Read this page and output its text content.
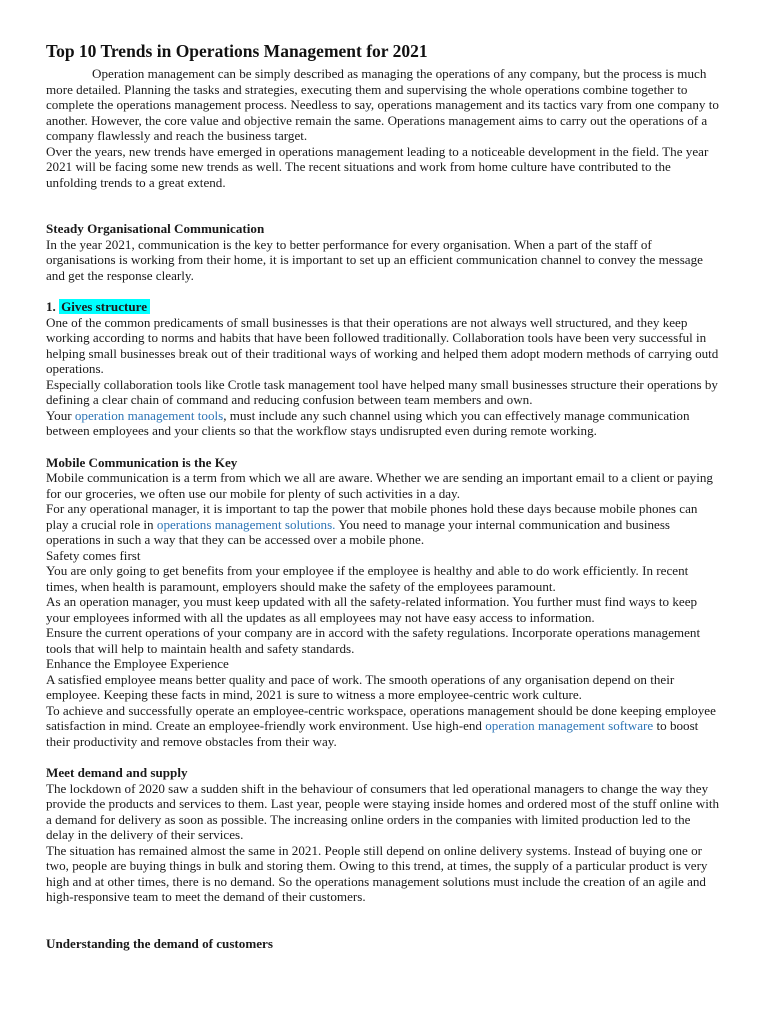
Top 10 Trends in Operations Management for 2021

Operation management can be simply described as managing the operations of any company, but the process is much more detailed. Planning the tasks and strategies, executing them and supervising the whole operations combine together to complete the operations management process. Needless to say, operations management and its tactics vary from one company to another. However, the core value and objective remain the same. Operations management aims to carry out the operations of a company flawlessly and reach the business target.

Over the years, new trends have emerged in operations management leading to a noticeable development in the field. The year 2021 will be facing some new trends as well. The recent situations and work from home culture have contributed to the unfolding trends to a great extend.

Steady Organisational Communication

In the year 2021, communication is the key to better performance for every organisation. When a part of the staff of organisations is working from their home, it is important to set up an efficient communication channel to convey the message and get the response clearly.

1. Gives structure

One of the common predicaments of small businesses is that their operations are not always well structured, and they keep working according to norms and habits that have been followed traditionally. Collaboration tools have been very successful in helping small businesses break out of their traditional ways of working and helped them adopt modern methods of carrying outd operations.

Especially collaboration tools like Crotle task management tool have helped many small businesses structure their operations by defining a clear chain of command and reducing confusion between team members and own.

Your operation management tools, must include any such channel using which you can effectively manage communication between employees and your clients so that the workflow stays undisrupted even during remote working.

Mobile Communication is the Key

Mobile communication is a term from which we all are aware. Whether we are sending an important email to a client or paying for our groceries, we often use our mobile for plenty of such activities in a day.

For any operational manager, it is important to tap the power that mobile phones hold these days because mobile phones can play a crucial role in operations management solutions. You need to manage your internal communication and business operations in such a way that they can be accessed over a mobile phone.

Safety comes first

You are only going to get benefits from your employee if the employee is healthy and able to do work efficiently. In recent times, when health is paramount, employers should make the safety of the employees paramount.

As an operation manager, you must keep updated with all the safety-related information. You further must find ways to keep your employees informed with all the updates as all employees may not have easy access to information.

Ensure the current operations of your company are in accord with the safety regulations. Incorporate operations management tools that will help to maintain health and safety standards.

Enhance the Employee Experience

A satisfied employee means better quality and pace of work. The smooth operations of any organisation depend on their employee. Keeping these facts in mind, 2021 is sure to witness a more employee-centric work culture.

To achieve and successfully operate an employee-centric workspace, operations management should be done keeping employee satisfaction in mind. Create an employee-friendly work environment. Use high-end operation management software to boost their productivity and remove obstacles from their way.

Meet demand and supply

The lockdown of 2020 saw a sudden shift in the behaviour of consumers that led operational managers to change the way they provide the products and services to them. Last year, people were staying inside homes and ordered most of the stuff online with a demand for delivery as soon as possible. The increasing online orders in the companies with limited production led to the delay in the delivery of their services.

The situation has remained almost the same in 2021. People still depend on online delivery systems. Instead of buying one or two, people are buying things in bulk and storing them. Owing to this trend, at times, the supply of a particular product is very high and at other times, there is no demand. So the operations management solutions must include the creation of an agile and high-responsive team to meet the demand of their customers.

Understanding the demand of customers
